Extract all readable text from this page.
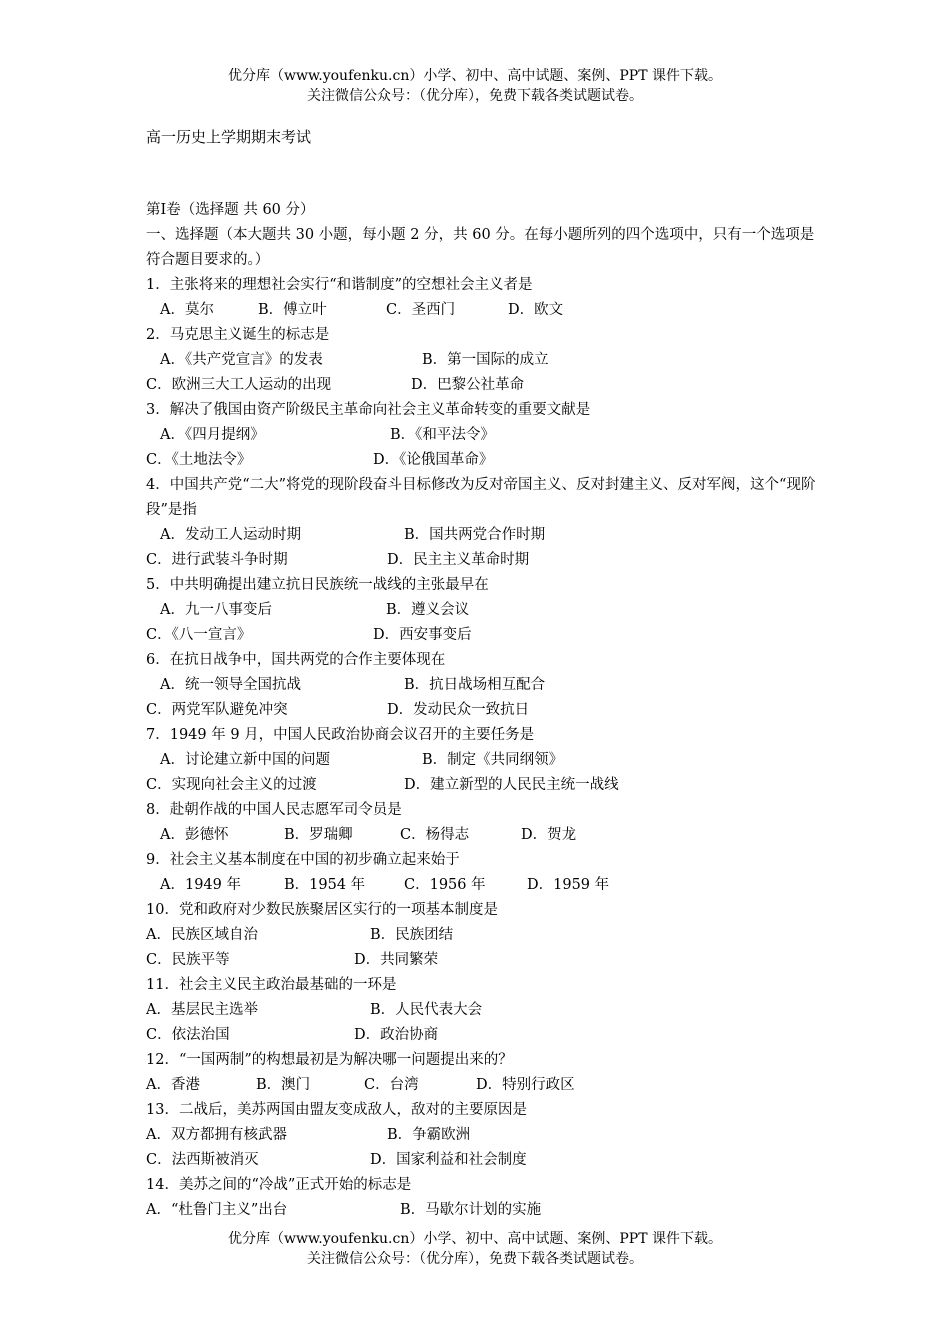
优分库（www.youfenku.cn）小学、初中、高中试题、案例、PPT 课件下载。
关注微信公众号：（优分库），免费下载各类试题试卷。
高一历史上学期期末考试
第Ⅰ卷（选择题 共 60 分）
一、选择题（本大题共 30 小题，每小题 2 分，共 60 分。在每小题所列的四个选项中，只有一个选项是符合题目要求的。）
1．主张将来的理想社会实行“和谐制度”的空想社会主义者是
A．莫尔	B．傅立叶	C．圣西门	D．欧文
2．马克思主义诞生的标志是
A．《共产党宣言》的发表	B．第一国际的成立
C．欧洲三大工人运动的出现	D．巴黎公社革命
3．解决了俄国由资产阶级民主革命向社会主义革命转变的重要文献是
A．《四月提纲》	B．《和平法令》
C．《土地法令》	D．《论俄国革命》
4．中国共产党“二大”将党的现阶段奋斗目标修改为反对帝国主义、反对封建主义、反对军阀，这个“现阶段”是指
A．发动工人运动时期	B．国共两党合作时期
C．进行武装斗争时期	D．民主主义革命时期
5．中共明确提出建立抗日民族统一战线的主张最早在
A．九一八事变后	B．遵义会议
C．《八一宣言》	D．西安事变后
6．在抗日战争中，国共两党的合作主要体现在
A．统一领导全国抗战	B．抗日战场相互配合
C．两党军队避免冲突	D．发动民众一致抗日
7．1949 年 9 月，中国人民政治协商会议召开的主要任务是
A．讨论建立新中国的问题	B．制定《共同纲领》
C．实现向社会主义的过渡	D．建立新型的人民民主统一战线
8．赴朝作战的中国人民志愿军司令员是
A．彭德怀	B．罗瑞卿	C．杨得志	D．贺龙
9．社会主义基本制度在中国的初步确立起来始于
A．1949 年	B．1954 年	C．1956 年	D．1959 年
10．党和政府对少数民族聚居区实行的一项基本制度是
A．民族区域自治	B．民族团结
C．民族平等	D．共同繁荣
11．社会主义民主政治最基础的一环是
A．基层民主选举	B．人民代表大会
C．依法治国	D．政治协商
12．“一国两制”的构想最初是为解决哪一问题提出来的？
A．香港	B．澳门	C．台湾	D．特别行政区
13．二战后，美苏两国由盟友变成敌人，敌对的主要原因是
A．双方都拥有核武器	B．争霸欧洲
C．法西斯被消灭	D．国家利益和社会制度
14．美苏之间的“冷战”正式开始的标志是
A．“杜鲁门主义”出台	B．马歇尔计划的实施
优分库（www.youfenku.cn）小学、初中、高中试题、案例、PPT 课件下载。
关注微信公众号：（优分库），免费下载各类试题试卷。
